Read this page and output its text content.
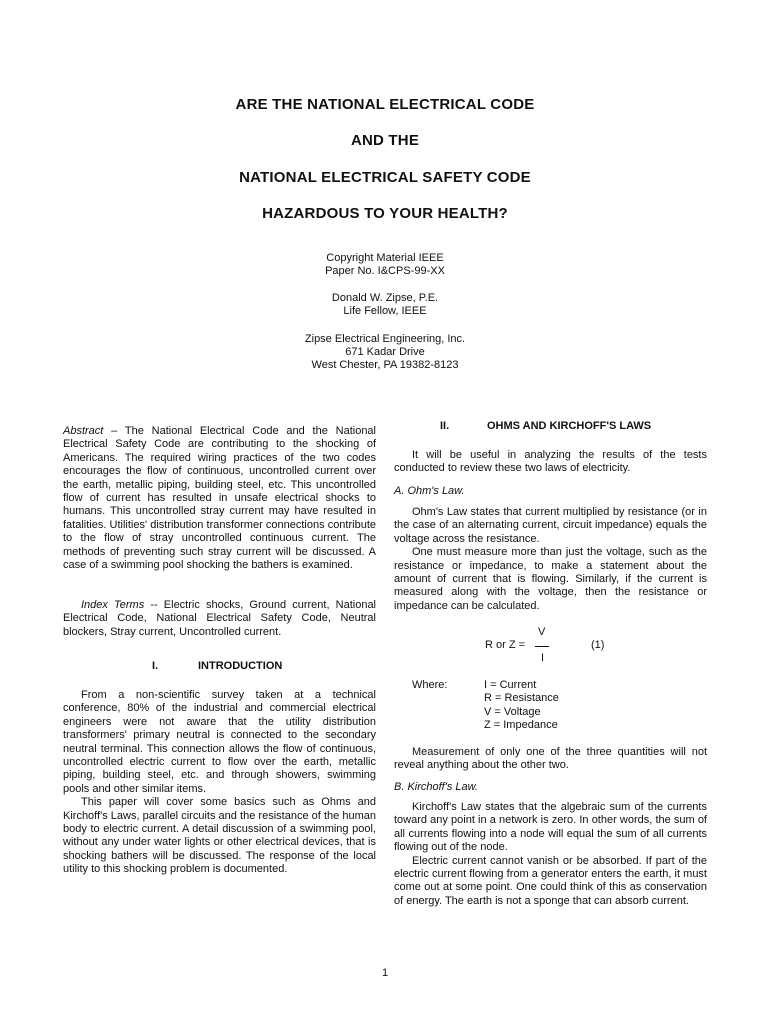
ARE THE NATIONAL ELECTRICAL CODE
AND THE
NATIONAL ELECTRICAL SAFETY CODE
HAZARDOUS TO YOUR HEALTH?
Copyright Material IEEE
Paper No. I&CPS-99-XX
Donald W. Zipse, P.E.
Life Fellow, IEEE
Zipse Electrical Engineering, Inc.
671 Kadar Drive
West Chester, PA 19382-8123

Abstract – The National Electrical Code and the National Electrical Safety Code are contributing to the shocking of Americans. The required wiring practices of the two codes encourages the flow of continuous, uncontrolled current over the earth, metallic piping, building steel, etc. This uncontrolled flow of current has resulted in unsafe electrical shocks to humans. This uncontrolled stray current may have resulted in fatalities. Utilities' distribution transformer connections contribute to the flow of stray uncontrolled continuous current. The methods of preventing such stray current will be discussed. A case of a swimming pool shocking the bathers is examined.

Index Terms -- Electric shocks, Ground current, National Electrical Code, National Electrical Safety Code, Neutral blockers, Stray current, Uncontrolled current.

I.	INTRODUCTION

From a non-scientific survey taken at a technical conference, 80% of the industrial and commercial electrical engineers were not aware that the utility distribution transformers' primary neutral is connected to the secondary neutral terminal. This connection allows the flow of continuous, uncontrolled electric current to flow over the earth, metallic piping, building steel, etc. and through showers, swimming pools and other similar items.

This paper will cover some basics such as Ohms and Kirchoff's Laws, parallel circuits and the resistance of the human body to electric current. A detail discussion of a swimming pool, without any under water lights or other electrical devices, that is shocking bathers will be discussed. The response of the local utility to this shocking problem is documented.

II.	OHMS AND KIRCHOFF'S LAWS

It will be useful in analyzing the results of the tests conducted to review these two laws of electricity.

A. Ohm's Law.

Ohm's Law states that current multiplied by resistance (or in the case of an alternating current, circuit impedance) equals the voltage across the resistance.

One must measure more than just the voltage, such as the resistance or impedance, to make a statement about the amount of current that is flowing. Similarly, if the current is measured along with the voltage, then the resistance or impedance can be calculated.

V
R or Z =
I
(1)
Where:	I = Current
R = Resistance
V = Voltage
Z = Impedance

Measurement of only one of the three quantities will not reveal anything about the other two.

B. Kirchoff's Law.

Kirchoff's Law states that the algebraic sum of the currents toward any point in a network is zero. In other words, the sum of all currents flowing into a node will equal the sum of all currents flowing out of the node.

Electric current cannot vanish or be absorbed. If part of the electric current flowing from a generator enters the earth, it must come out at some point. One could think of this as conservation of energy. The earth is not a sponge that can absorb current.

1
